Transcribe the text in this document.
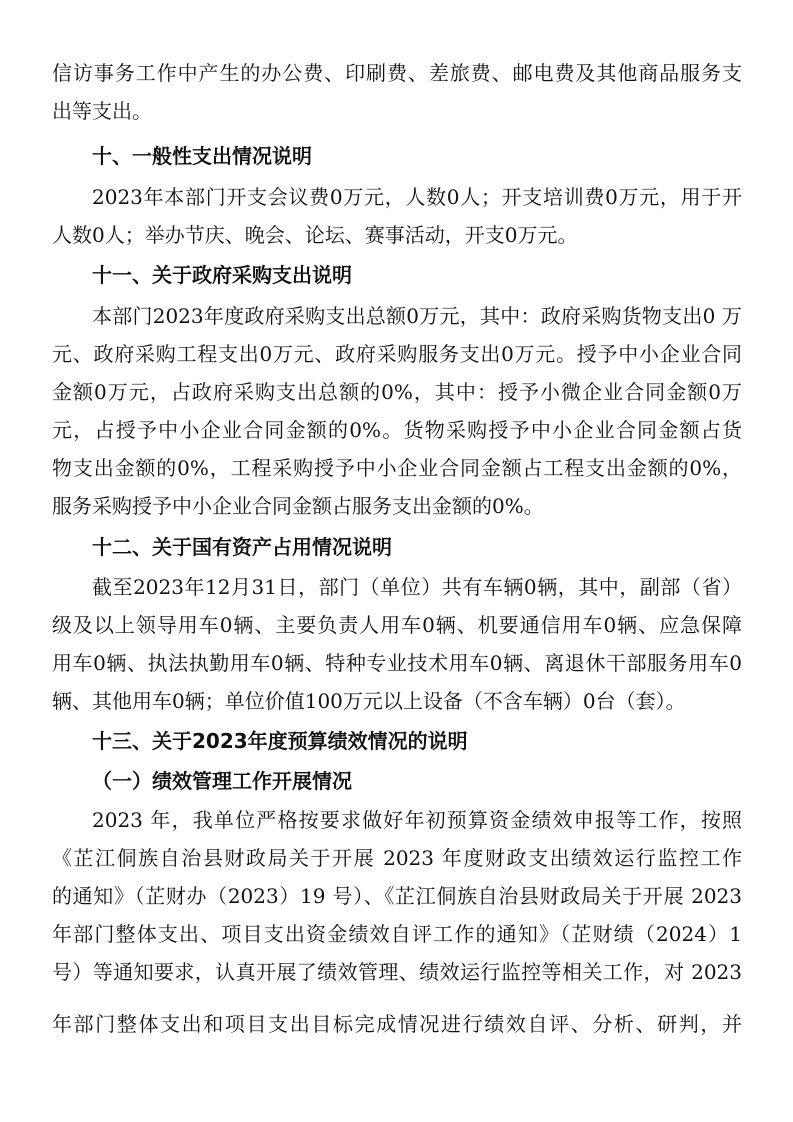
信访事务工作中产生的办公费、印刷费、差旅费、邮电费及其他商品服务支
出等支出。
十、一般性支出情况说明
2023年本部门开支会议费0万元，人数0人；开支培训费0万元，用于开
人数0人；举办节庆、晚会、论坛、赛事活动，开支0万元。
十一、关于政府采购支出说明
本部门2023年度政府采购支出总额0万元，其中：政府采购货物支出0 万
元、政府采购工程支出0万元、政府采购服务支出0万元。授予中小企业合同
金额0万元，占政府采购支出总额的0%，其中：授予小微企业合同金额0万
元，占授予中小企业合同金额的0%。货物采购授予中小企业合同金额占货
物支出金额的0%，工程采购授予中小企业合同金额占工程支出金额的0%，
服务采购授予中小企业合同金额占服务支出金额的0%。
十二、关于国有资产占用情况说明
截至2023年12月31日，部门（单位）共有车辆0辆，其中，副部（省）
级及以上领导用车0辆、主要负责人用车0辆、机要通信用车0辆、应急保障
用车0辆、执法执勤用车0辆、特种专业技术用车0辆、离退休干部服务用车0
辆、其他用车0辆；单位价值100万元以上设备（不含车辆）0台（套）。
十三、关于2023年度预算绩效情况的说明
（一）绩效管理工作开展情况
2023 年，我单位严格按要求做好年初预算资金绩效申报等工作，按照
《芷江侗族自治县财政局关于开展 2023 年度财政支出绩效运行监控工作
的通知》（芷财办（2023）19 号）、《芷江侗族自治县财政局关于开展 2023
年部门整体支出、项目支出资金绩效自评工作的通知》（芷财绩（2024）1
号）等通知要求，认真开展了绩效管理、绩效运行监控等相关工作，对 2023
年部门整体支出和项目支出目标完成情况进行绩效自评、分析、研判，并
